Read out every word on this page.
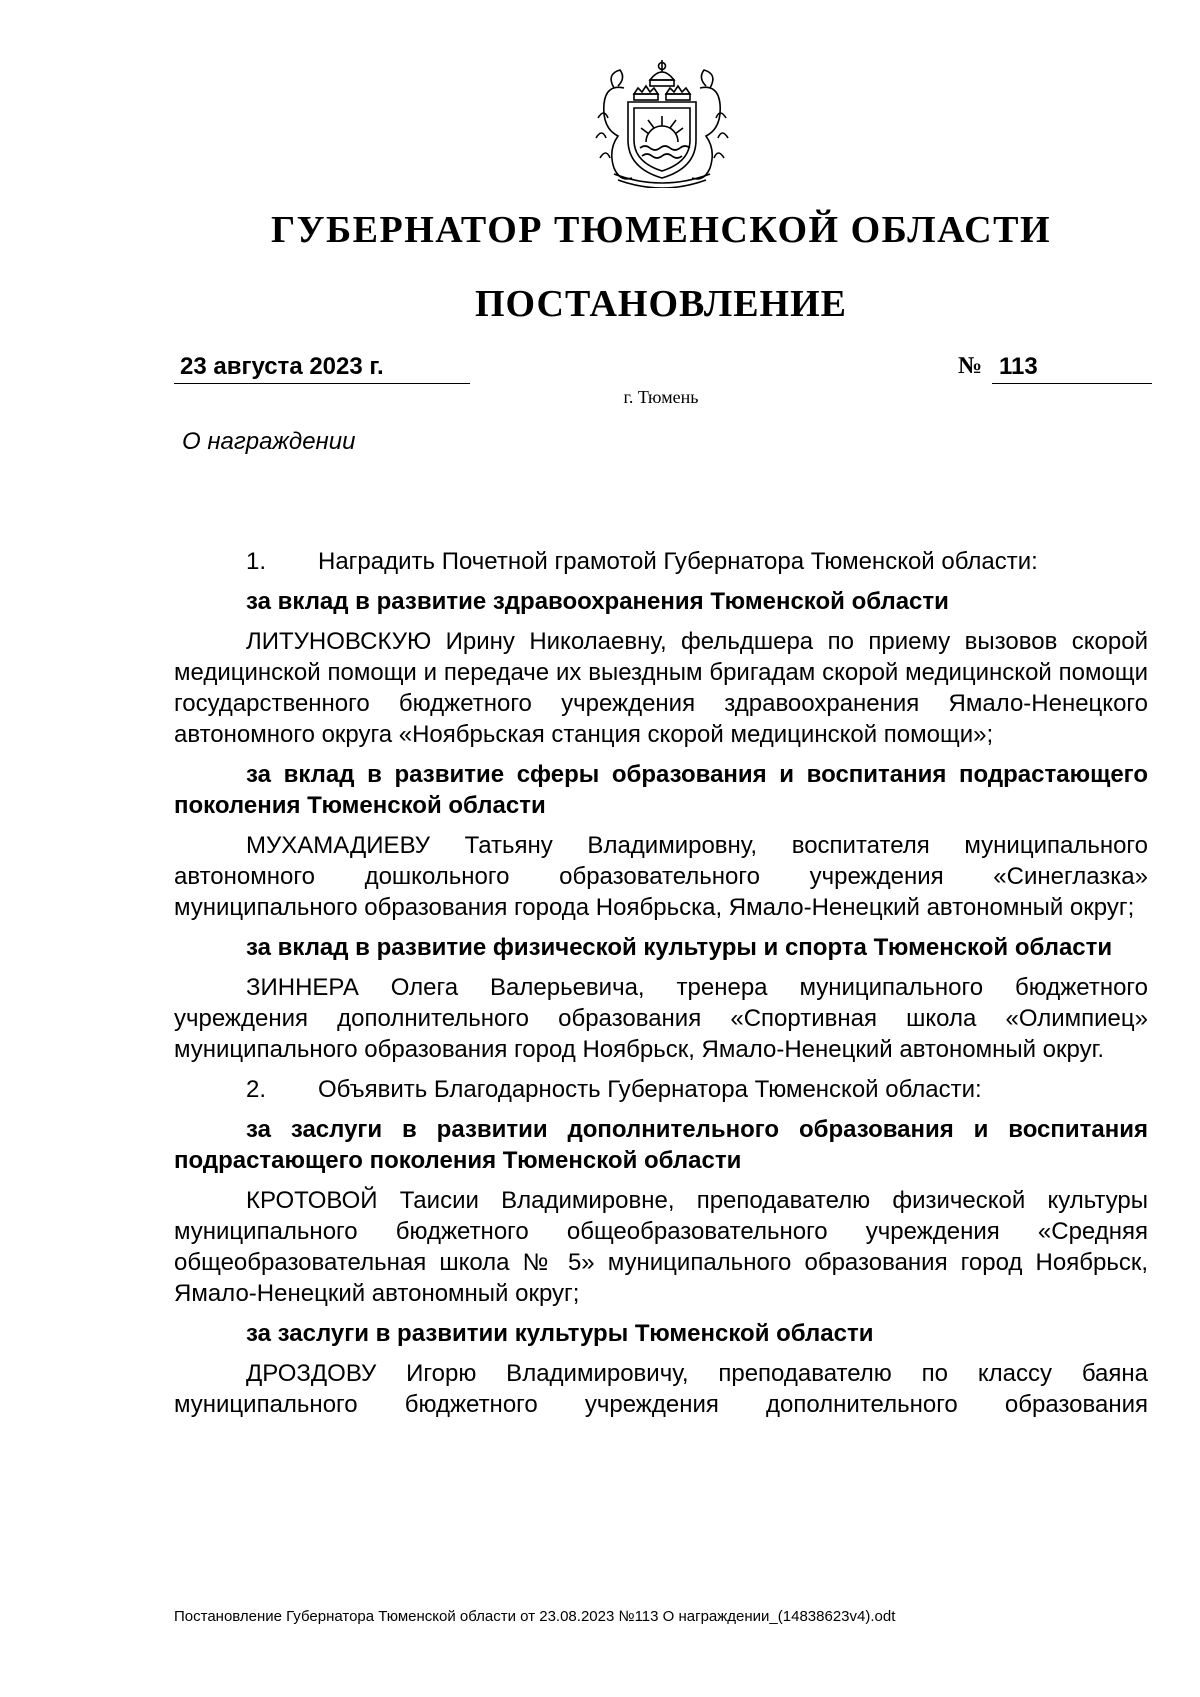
ГУБЕРНАТОР ТЮМЕНСКОЙ ОБЛАСТИ
ПОСТАНОВЛЕНИЕ
23 августа 2023 г.	№ 113
г. Тюмень
О награждении
1.	Наградить Почетной грамотой Губернатора Тюменской области:

за вклад в развитие здравоохранения Тюменской области

ЛИТУНОВСКУЮ Ирину Николаевну, фельдшера по приему вызовов скорой медицинской помощи и передаче их выездным бригадам скорой медицинской помощи государственного бюджетного учреждения здравоохранения Ямало-Ненецкого автономного округа «Ноябрьская станция скорой медицинской помощи»;

за вклад в развитие сферы образования и воспитания подрастающего поколения Тюменской области

МУХАМАДИЕВУ Татьяну Владимировну, воспитателя муниципального автономного дошкольного образовательного учреждения «Синеглазка» муниципального образования города Ноябрьска, Ямало-Ненецкий автономный округ;

за вклад в развитие физической культуры и спорта Тюменской области

ЗИННЕРА Олега Валерьевича, тренера муниципального бюджетного учреждения дополнительного образования «Спортивная школа «Олимпиец» муниципального образования город Ноябрьск, Ямало-Ненецкий автономный округ.

2.	Объявить Благодарность Губернатора Тюменской области:

за заслуги в развитии дополнительного образования и воспитания подрастающего поколения Тюменской области

КРОТОВОЙ Таисии Владимировне, преподавателю физической культуры муниципального бюджетного общеобразовательного учреждения «Средняя общеобразовательная школа № 5» муниципального образования город Ноябрьск, Ямало-Ненецкий автономный округ;

за заслуги в развитии культуры Тюменской области

ДРОЗДОВУ Игорю Владимировичу, преподавателю по классу баяна муниципального бюджетного учреждения дополнительного образования

Постановление Губернатора Тюменской области от 23.08.2023 №113 О награждении_(14838623v4).odt
